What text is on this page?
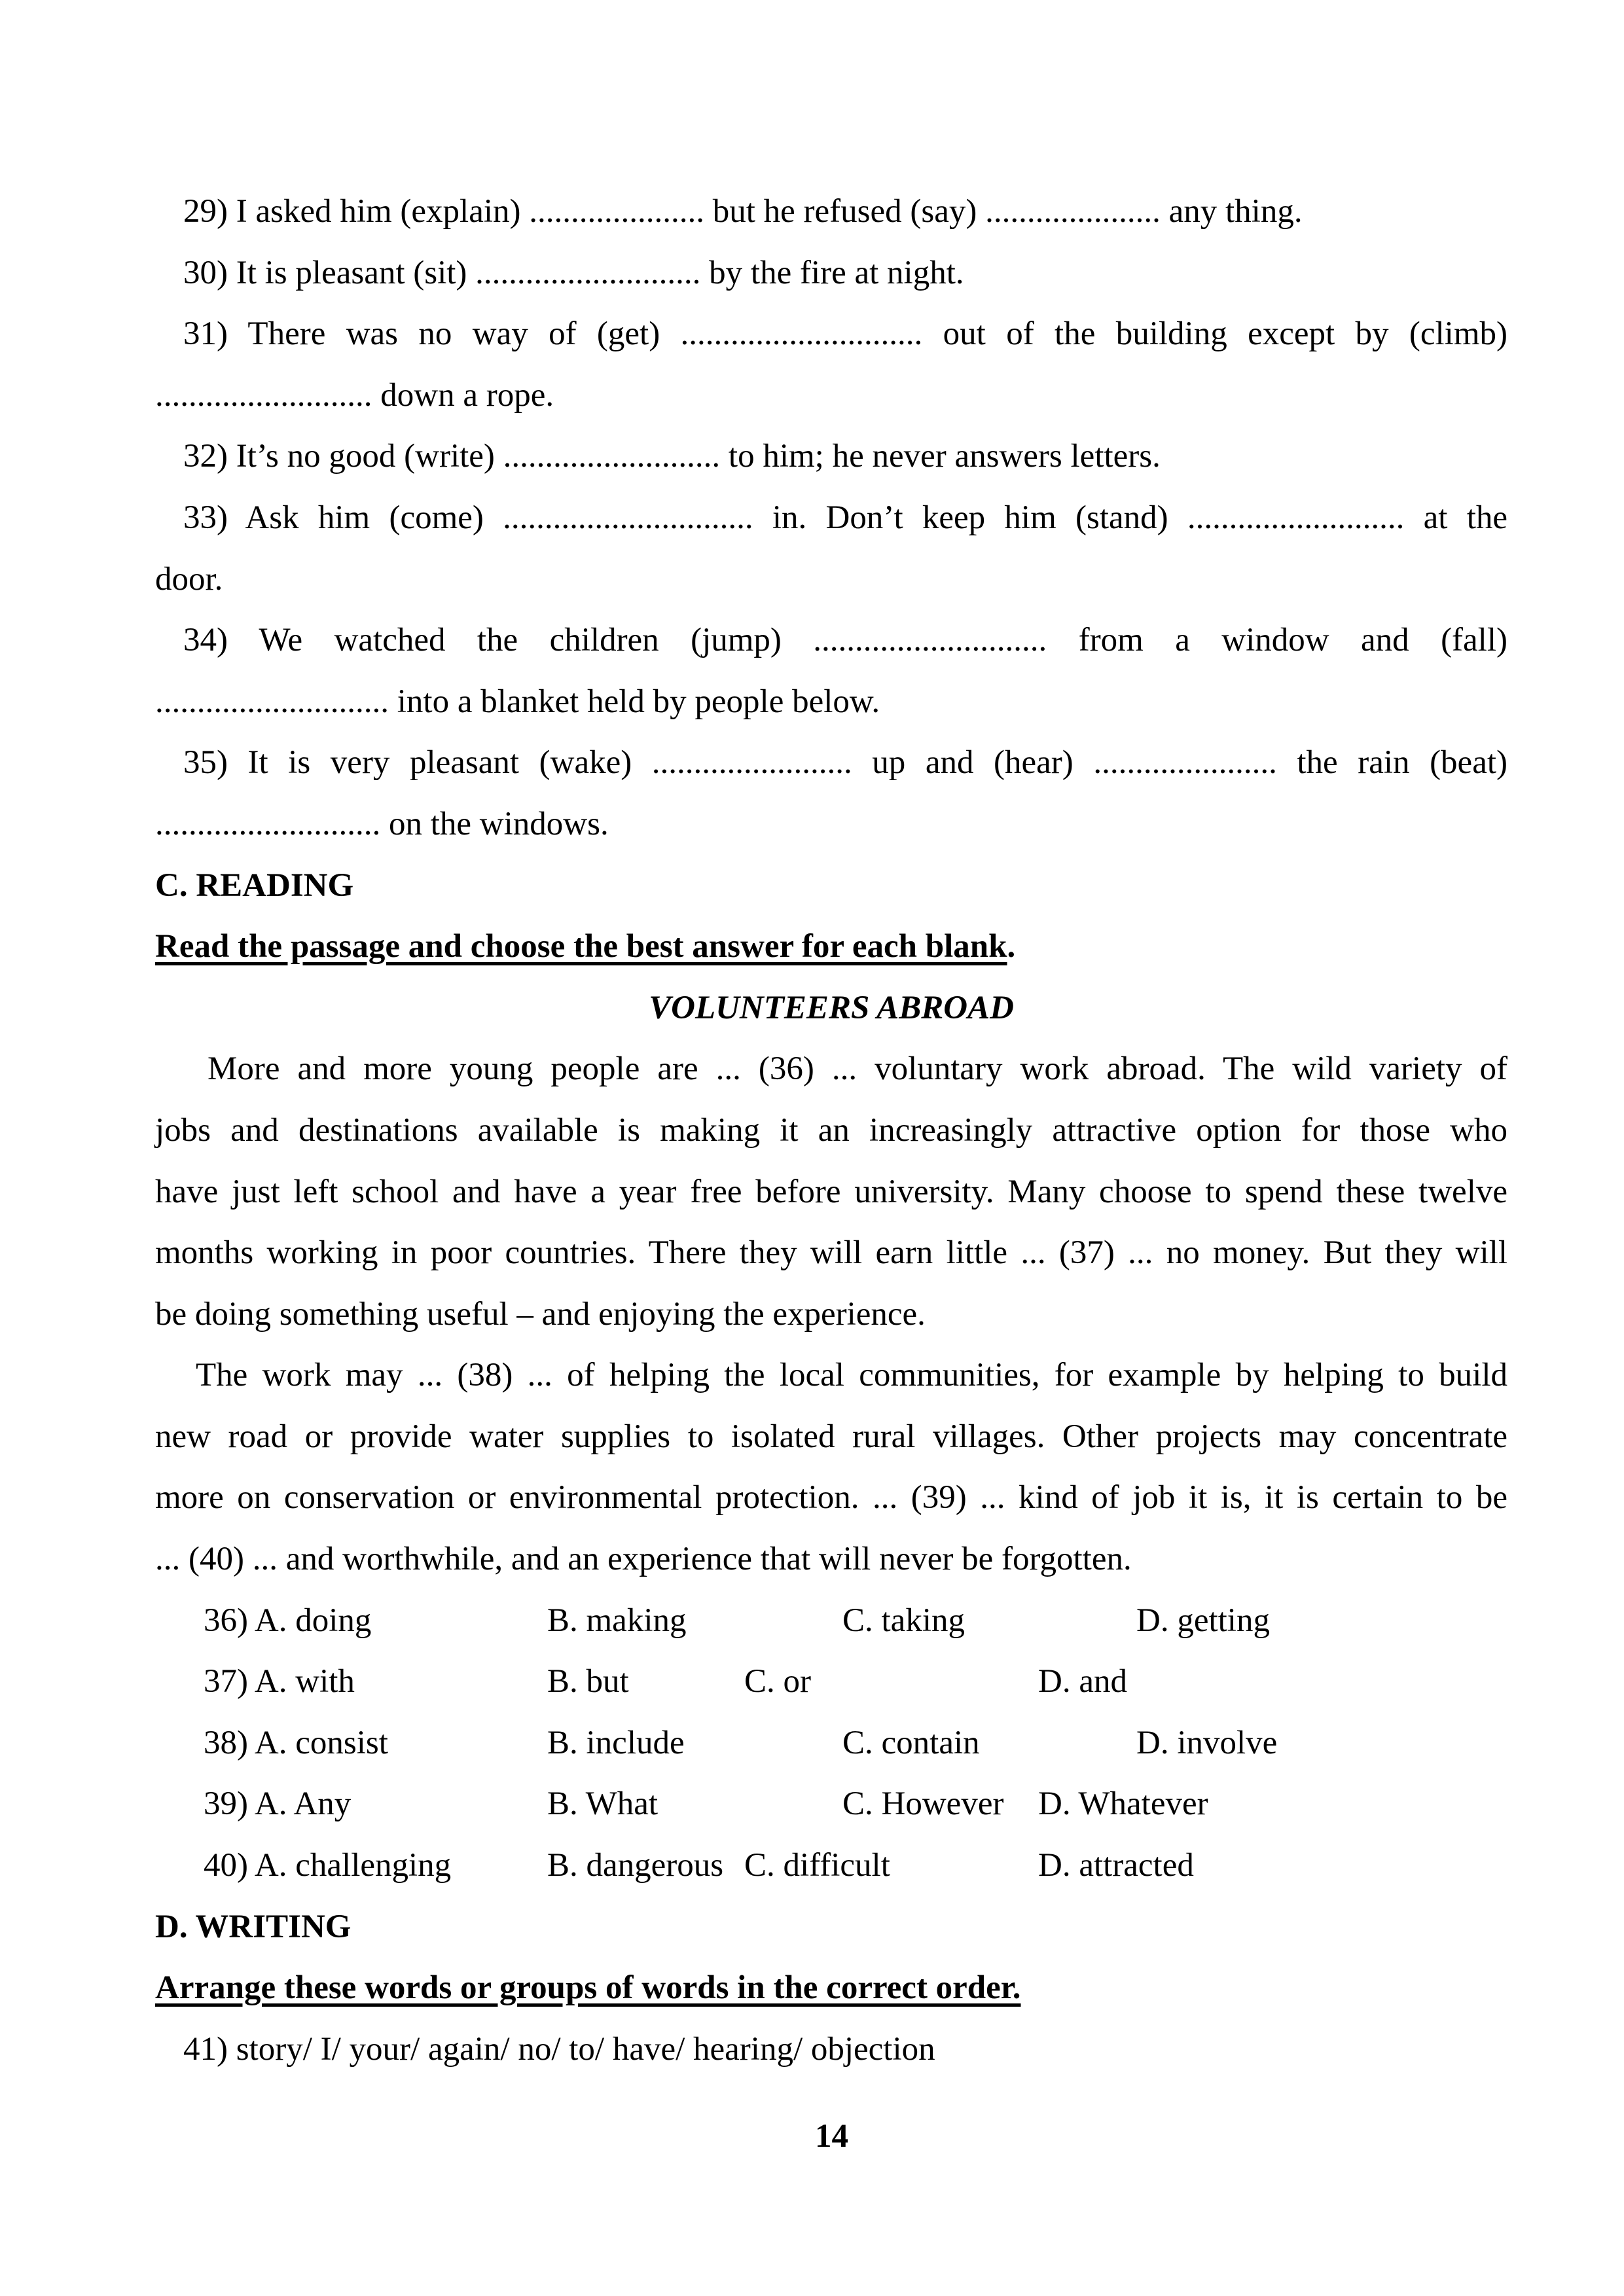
29) I asked him (explain) ..................... but he refused (say) ..................... any thing.
30) It is pleasant (sit) ........................... by the fire at night.
31) There was no way of (get) ............................. out of the building except by (climb)
.......................... down a rope.
32) It’s no good (write) .......................... to him; he never answers letters.
33) Ask him (come) .............................. in. Don’t keep him (stand) .......................... at the
door.
34) We watched the children (jump) ............................ from a window and (fall)
............................ into a blanket held by people below.
35) It is very pleasant (wake) ........................ up and (hear) ...................... the rain (beat)
........................... on the windows.
C. READING
Read the passage and choose the best answer for each blank.
VOLUNTEERS ABROAD
More and more young people are ... (36) ... voluntary work abroad. The wild variety of
jobs and destinations available is making it an increasingly attractive option for those who
have just left school and have a year free before university. Many choose to spend these twelve
months working in poor countries. There they will earn little ... (37) ... no money. But they will
be doing something useful – and enjoying the experience.
The work may ... (38) ... of helping the local communities, for example by helping to build
new road or provide water supplies to isolated rural villages. Other projects may concentrate
more on conservation or environmental protection. ... (39) ... kind of job it is, it is certain to be
... (40) ... and worthwhile, and an experience that will never be forgotten.
36) A. doing	B. making	C. taking	D. getting
37) A. with	B. but	C. or	D. and
38) A. consist	B. include	C. contain	D. involve
39) A. Any	B. What	C. However D. Whatever
40) A. challenging	B. dangerous C. difficult	D. attracted
D. WRITING
Arrange these words or groups of words in the correct order.
41) story/ I/ your/ again/ no/ to/ have/ hearing/ objection
14
